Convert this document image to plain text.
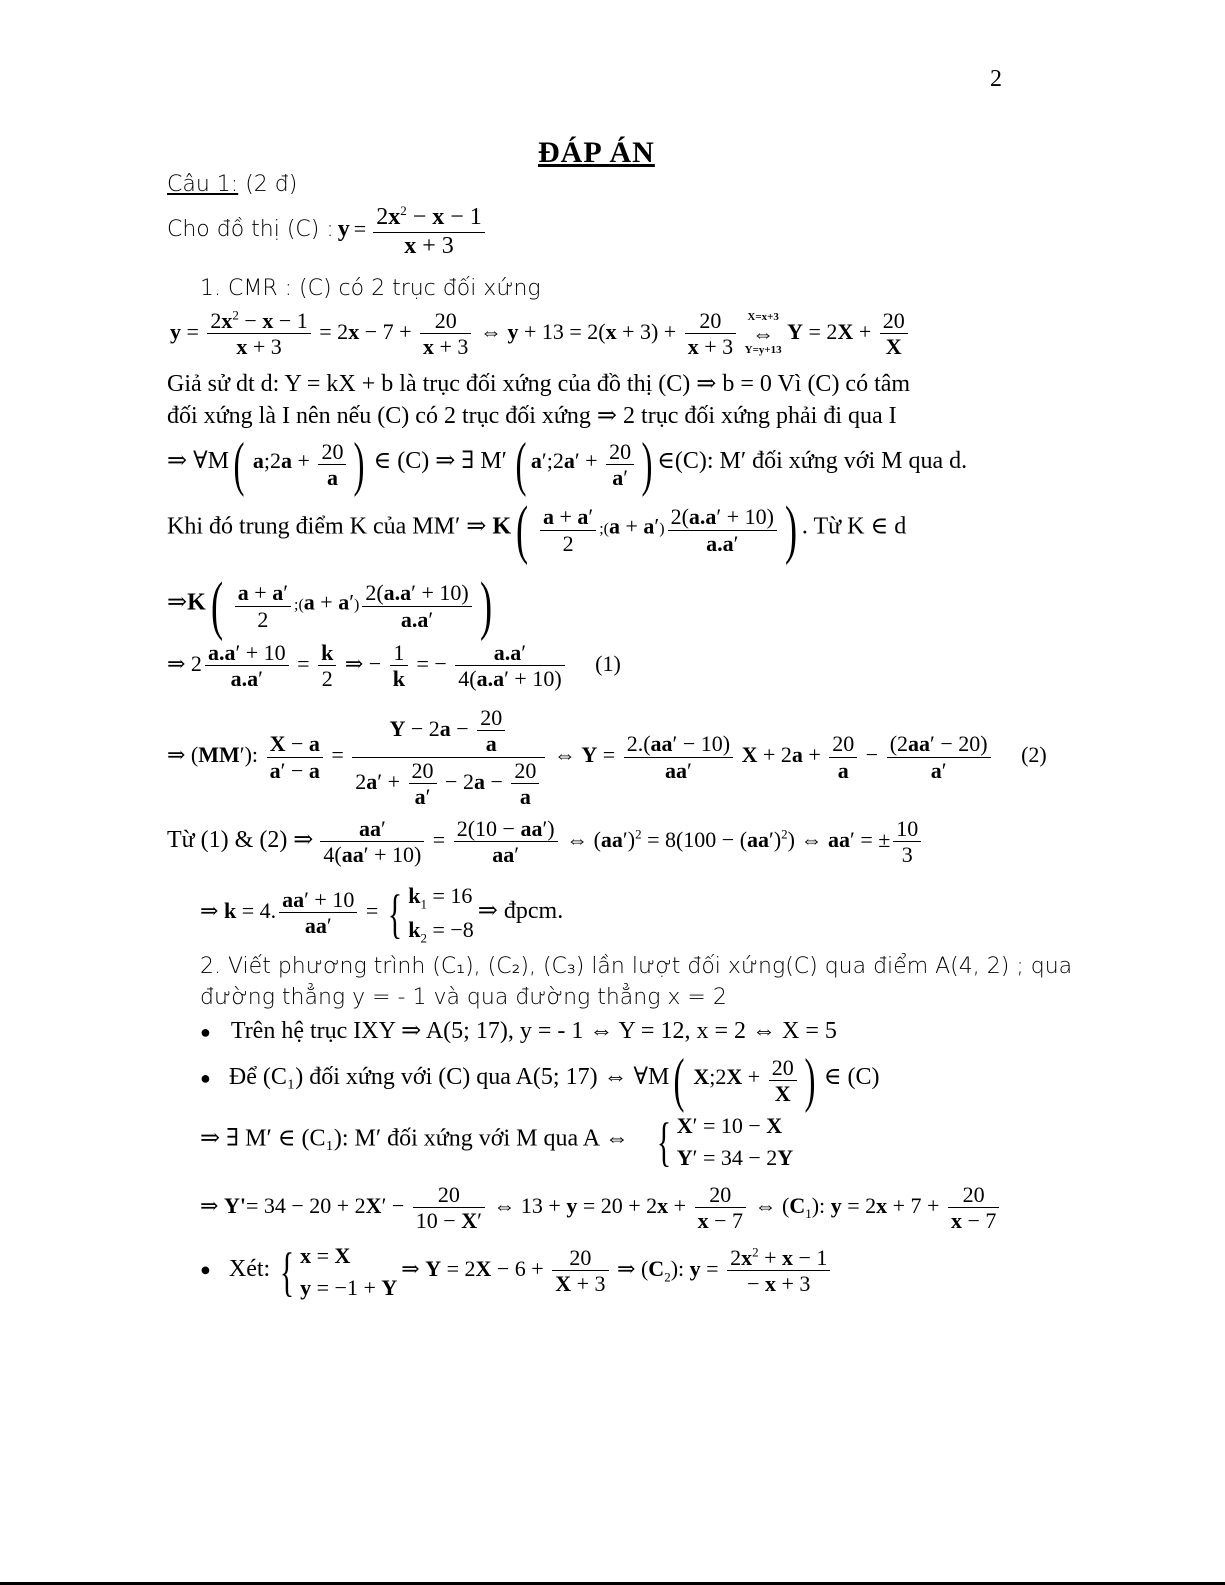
2
ĐÁP ÁN
Câu 1: (2 đ)
Cho đồ thị (C) : $y = \frac{2x^2 - x - 1}{x + 3}$
1. CMR : (C) có 2 trục đối xứng
$y = \frac{2x^2 - x - 1}{x + 3} = 2x - 7 + \frac{20}{x + 3}$ ⇔ $y + 13 = 2(x + 3) + \frac{20}{x + 3}$
X=x+3
⇔
Y=y+13
$Y = 2X + \frac{20}{X}$
Giả sử dt d: Y = kX + b là trục đối xứng của đồ thị (C) ⇒ b = 0 Vì (C) có tâm
đối xứng là I nên nếu (C) có 2 trục đối xứng ⇒ 2 trục đối xứng phải đi qua I
⇒ ∀M( a;2a + $\frac{20}{a}$ ) ∈ (C) ⇒ ∃ M′ ( a′;2a′ + $\frac{20}{a'}$ ) ∈(C): M′ đối xứng với M qua d.
Khi đó trung điểm K của MM′ ⇒ $K( \frac{a + a'}{2}$ ;(a + $a') \frac{2(a.a' + 10)}{a.a'}$ ) . Từ K ∈ d
⇒K( $\frac{a + a'}{2}$ ;(a + $a') \frac{2(a.a' + 10)}{a.a'}$ )
⇒ $2 \frac{a.a' + 10}{a.a'} = \frac{k}{2}$ ⇒ − $\frac{1}{k}$ = − $\frac{a.a'}{4(a.a' + 10)} (1)$
⇒ (MM′): $\frac{X - a}{a' - a} = \frac{Y - 2a - \frac{20}{a}}{2a' + \frac{20}{a'} - 2a - \frac{20}{a}}$ ⇔ $Y = \frac{2.(aa' - 10)}{aa'}$ $X + 2a + \frac{20}{a} - \frac{(2aa' - 20)}{a'} (2)$
Từ (1) & (2) ⇒ $\frac{aa'}{4(aa' + 10)} = \frac{2(10 - aa')}{aa'}$ ⇔ $(aa')^2 = 8(100 - (aa')^2)$ ⇔ aa′ = ± $\frac{10}{3}$
⇒ k = 4. $\frac{aa' + 10}{aa'}$ = { $k_1 = 16$
$k_2 = -8$
⇒ đpcm.
2. Viết phương trình (C₁), (C₂), (C₃) lần lượt đối xứng(C) qua điểm A(4, 2) ; qua
đường thẳng y = - 1 và qua đường thẳng x = 2
● Trên hệ trục IXY ⇒ A(5; 17), y = - 1 ⇔ Y = 12, x = 2 ⇔ X = 5
● Để (C₁) đối xứng với (C) qua A(5; 17) ⇔ ∀M( X;2X + $\frac{20}{X}$ ) ∈ (C)
⇒ ∃ M′ ∈ (C₁): M′ đối xứng với M qua A ⇔ { X′ = 10 − X
Y′ = 34 − 2Y
⇒ $Y'= 34 - 20 + 2X' - \frac{20}{10 - X'}$ ⇔ $13 + y = 20 + 2x + \frac{20}{x - 7}$ ⇔ $(C_1)$: $y = 2x + 7 + \frac{20}{x - 7}$
● Xét: { x = X
y = −1 + Y
⇒ $Y = 2X - 6 + \frac{20}{X + 3}$ ⇒ $(C_2)$: $y = \frac{2x^2 + x - 1}{- x + 3}$
